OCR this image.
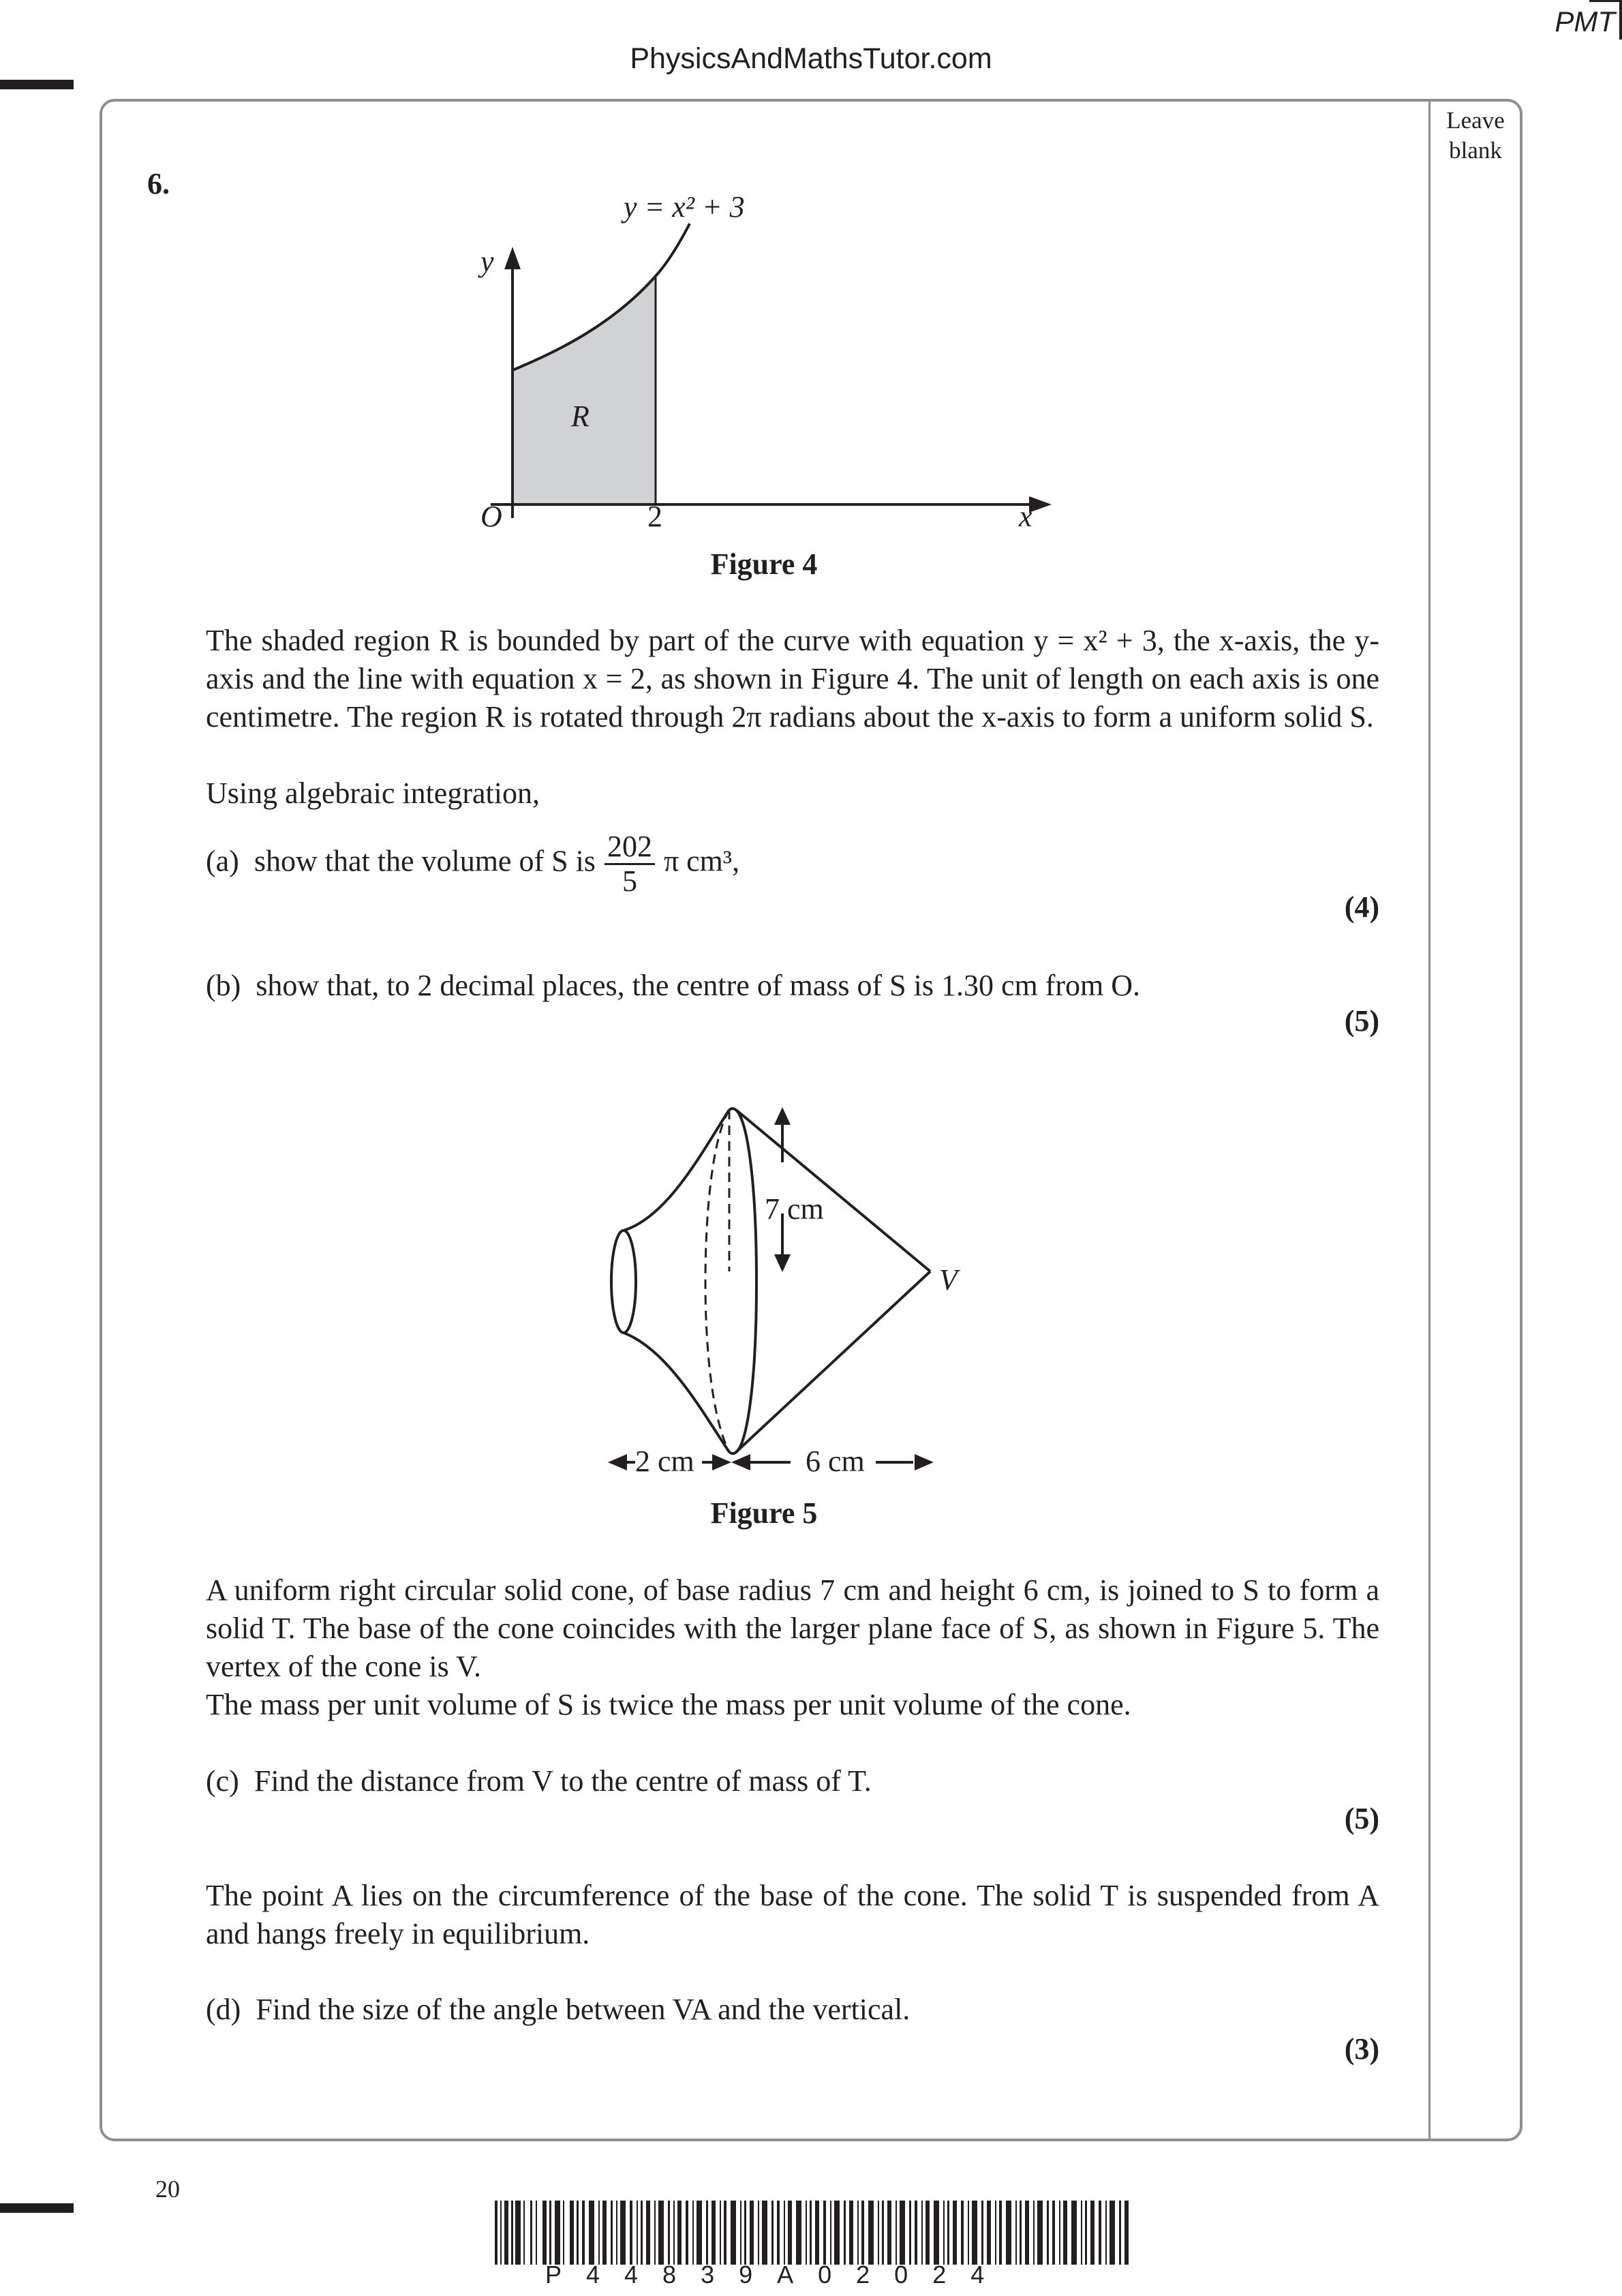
PMT
PhysicsAndMathsTutor.com
Leave
blank
6.
y = x² + 3
y
R
O	2	x
Figure 4
The shaded region R is bounded by part of the curve with equation y = x² + 3, the x-axis, the y-axis and the line with equation x = 2, as shown in Figure 4. The unit of length on each axis is one centimetre. The region R is rotated through 2π radians about the x-axis to form a uniform solid S.
Using algebraic integration,
(a) show that the volume of S is $\frac{202}{5}$ π cm³,
(4)
(b) show that, to 2 decimal places, the centre of mass of S is 1.30 cm from O.
(5)
7 cm
V
2 cm	6 cm
Figure 5
A uniform right circular solid cone, of base radius 7 cm and height 6 cm, is joined to S to form a solid T. The base of the cone coincides with the larger plane face of S, as shown in Figure 5. The vertex of the cone is V.
The mass per unit volume of S is twice the mass per unit volume of the cone.
(c) Find the distance from V to the centre of mass of T.
(5)
The point A lies on the circumference of the base of the cone. The solid T is suspended from A and hangs freely in equilibrium.
(d) Find the size of the angle between VA and the vertical.
(3)
20
P44839A02024
